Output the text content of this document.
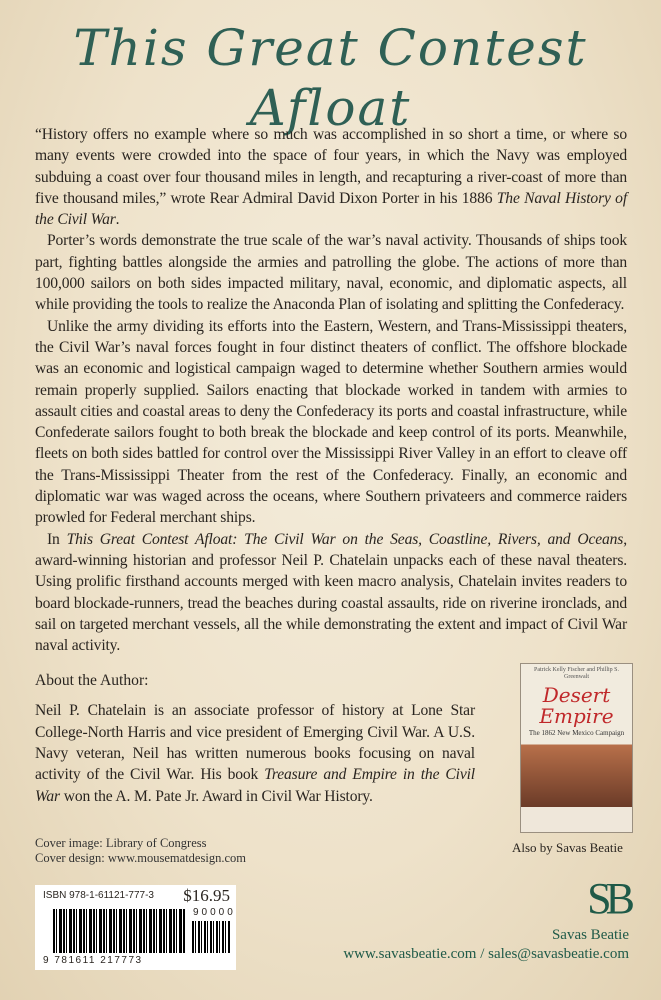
This Great Contest Afloat

“History offers no example where so much was accomplished in so short a time, or where so many events were crowded into the space of four years, in which the Navy was employed subduing a coast over four thousand miles in length, and recapturing a river-coast of more than five thousand miles,” wrote Rear Admiral David Dixon Porter in his 1886 The Naval History of the Civil War.

Porter’s words demonstrate the true scale of the war’s naval activity. Thousands of ships took part, fighting battles alongside the armies and patrolling the globe. The actions of more than 100,000 sailors on both sides impacted military, naval, economic, and diplomatic aspects, all while providing the tools to realize the Anaconda Plan of isolating and splitting the Confederacy.

Unlike the army dividing its efforts into the Eastern, Western, and Trans-Mississippi theaters, the Civil War’s naval forces fought in four distinct theaters of conflict. The offshore blockade was an economic and logistical campaign waged to determine whether Southern armies would remain properly supplied. Sailors enacting that blockade worked in tandem with armies to assault cities and coastal areas to deny the Confederacy its ports and coastal infrastructure, while Confederate sailors fought to both break the blockade and keep control of its ports. Meanwhile, fleets on both sides battled for control over the Mississippi River Valley in an effort to cleave off the Trans-Mississippi Theater from the rest of the Confederacy. Finally, an economic and diplomatic war was waged across the oceans, where Southern privateers and commerce raiders prowled for Federal merchant ships.

In This Great Contest Afloat: The Civil War on the Seas, Coastline, Rivers, and Oceans, award-winning historian and professor Neil P. Chatelain unpacks each of these naval theaters. Using prolific firsthand accounts merged with keen macro analysis, Chatelain invites readers to board blockade-runners, tread the beaches during coastal assaults, ride on riverine ironclads, and sail on targeted merchant vessels, all the while demonstrating the extent and impact of Civil War naval activity.

About the Author:
Neil P. Chatelain is an associate professor of history at Lone Star College-North Harris and vice president of Emerging Civil War. A U.S. Navy veteran, Neil has written numerous books focusing on naval activity of the Civil War. His book Treasure and Empire in the Civil War won the A. M. Pate Jr. Award in Civil War History.
Patrick Kelly Fischer and Phillip S. Greenwalt
Desert Empire
The 1862 New Mexico Campaign
Also by Savas Beatie
Cover image: Library of Congress
Cover design: www.mousematdesign.com
ISBN 978-1-61121-777-3 $16.95
90000
9 781611 217773
SB
Savas Beatie
www.savasbeatie.com / sales@savasbeatie.com
